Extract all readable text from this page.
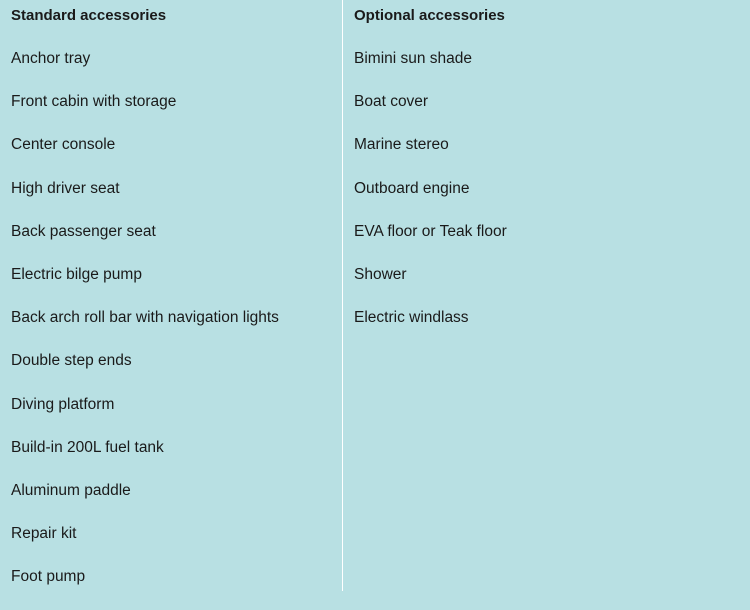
Standard accessories
Anchor tray
Front cabin with storage
Center console
High driver seat
Back passenger seat
Electric bilge pump
Back arch roll bar with navigation lights
Double step ends
Diving platform
Build-in 200L fuel tank
Aluminum paddle
Repair kit
Foot pump
Optional accessories
Bimini sun shade
Boat cover
Marine stereo
Outboard engine
EVA floor or Teak floor
Shower
Electric windlass
